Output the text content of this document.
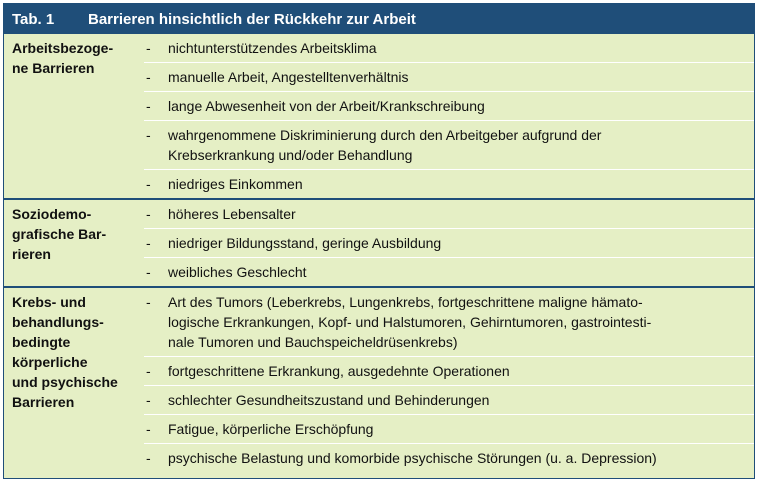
Tab. 1	Barrieren hinsichtlich der Rückkehr zur Arbeit
Arbeitsbezoge-
ne Barrieren
-	nichtunterstützendes Arbeitsklima
-	manuelle Arbeit, Angestelltenverhältnis
-	lange Abwesenheit von der Arbeit/Krankschreibung
-	wahrgenommene Diskriminierung durch den Arbeitgeber aufgrund der
Krebserkrankung und/oder Behandlung
-	niedriges Einkommen
Soziodemo-
grafische Bar-
rieren
-	höheres Lebensalter
-	niedriger Bildungsstand, geringe Ausbildung
-	weibliches Geschlecht
Krebs- und
behandlungs-
bedingte
körperliche
und psychische
Barrieren
-	Art des Tumors (Leberkrebs, Lungenkrebs, fortgeschrittene maligne hämato-
logische Erkrankungen, Kopf- und Halstumoren, Gehirntumoren, gastrointesti-
nale Tumoren und Bauchspeicheldrüsenkrebs)
-	fortgeschrittene Erkrankung, ausgedehnte Operationen
-	schlechter Gesundheitszustand und Behinderungen
-	Fatigue, körperliche Erschöpfung
-	psychische Belastung und komorbide psychische Störungen (u. a. Depression)
